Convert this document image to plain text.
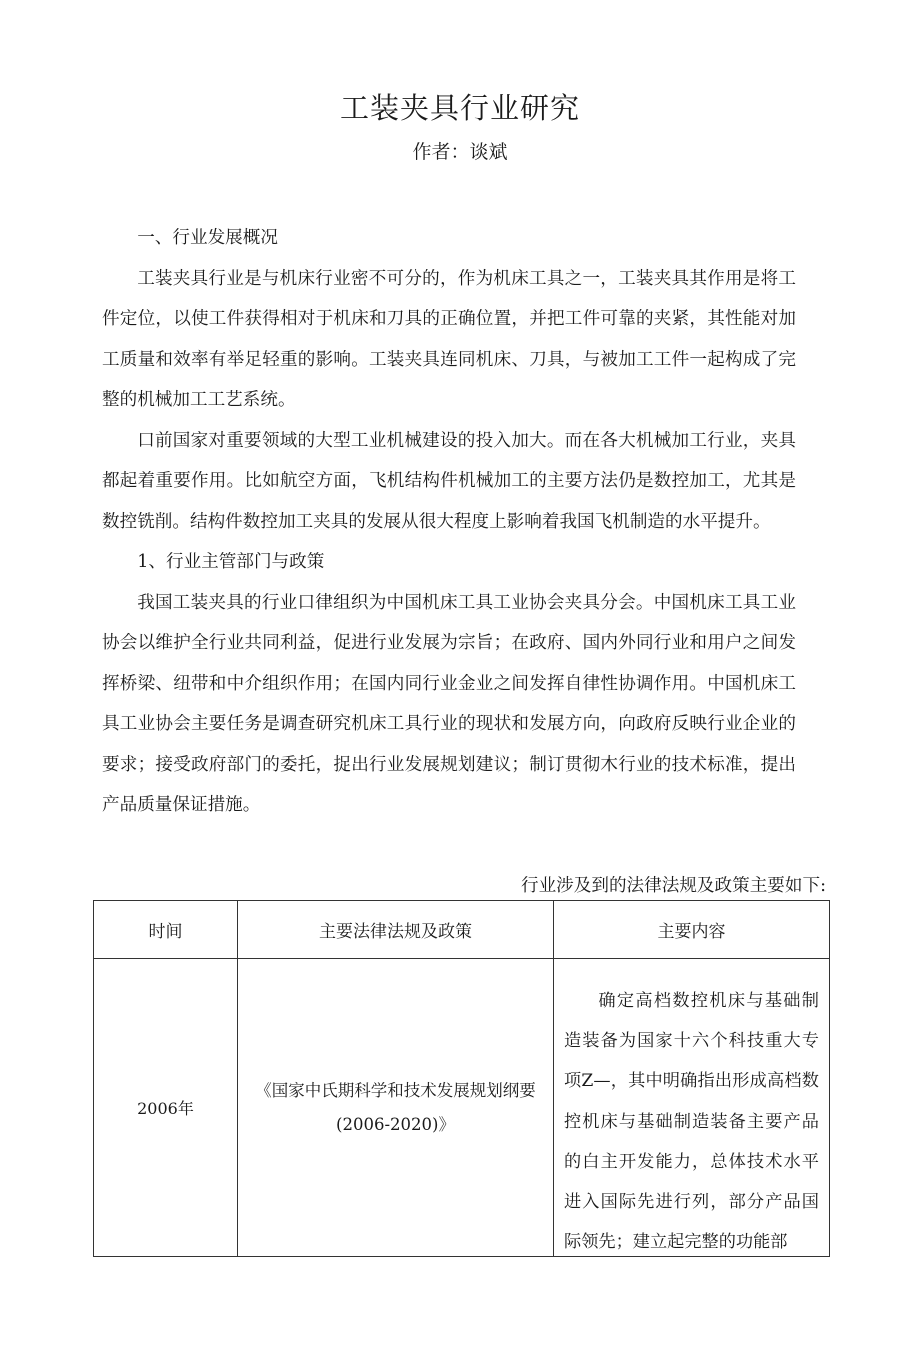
工装夹具行业研究
作者：谈斌

一、行业发展概况

工装夹具行业是与机床行业密不可分的，作为机床工具之一，工装夹具其作用是将工件定位，以使工件获得相对于机床和刀具的正确位置，并把工件可靠的夹紧，其性能对加工质量和效率有举足轻重的影响。工装夹具连同机床、刀具，与被加工工件一起构成了完整的机械加工工艺系统。

口前国家对重要领域的大型工业机械建设的投入加大。而在各大机械加工行业，夹具都起着重要作用。比如航空方面，飞机结构件机械加工的主要方法仍是数控加工，尤其是数控铣削。结构件数控加工夹具的发展从很大程度上影响着我国飞机制造的水平提升。

1、行业主管部门与政策

我国工装夹具的行业口律组织为中国机床工具工业协会夹具分会。中国机床工具工业协会以维护全行业共同利益，促进行业发展为宗旨；在政府、国内外同行业和用户之间发挥桥梁、纽带和中介组织作用；在国内同行业金业之间发挥自律性协调作用。中国机床工具工业协会主要任务是调查研究机床工具行业的现状和发展方向，向政府反映行业企业的要求；接受政府部门的委托，捉出行业发展规划建议；制订贯彻木行业的技术标准，提出产品质量保证措施。

行业涉及到的法律法规及政策主要如下:
时间	主要法律法规及政策	主要内容
2006年	《国家中氏期科学和技术发展规划纲要(2006-2020)》	确定高档数控机床与基础制造装备为国家十六个科技重大专项Z—，其中明确指出形成高档数控机床与基础制造装备主要产品的白主开发能力，总体技术水平进入国际先进行列，部分产品国际领先；建立起完整的功能部
